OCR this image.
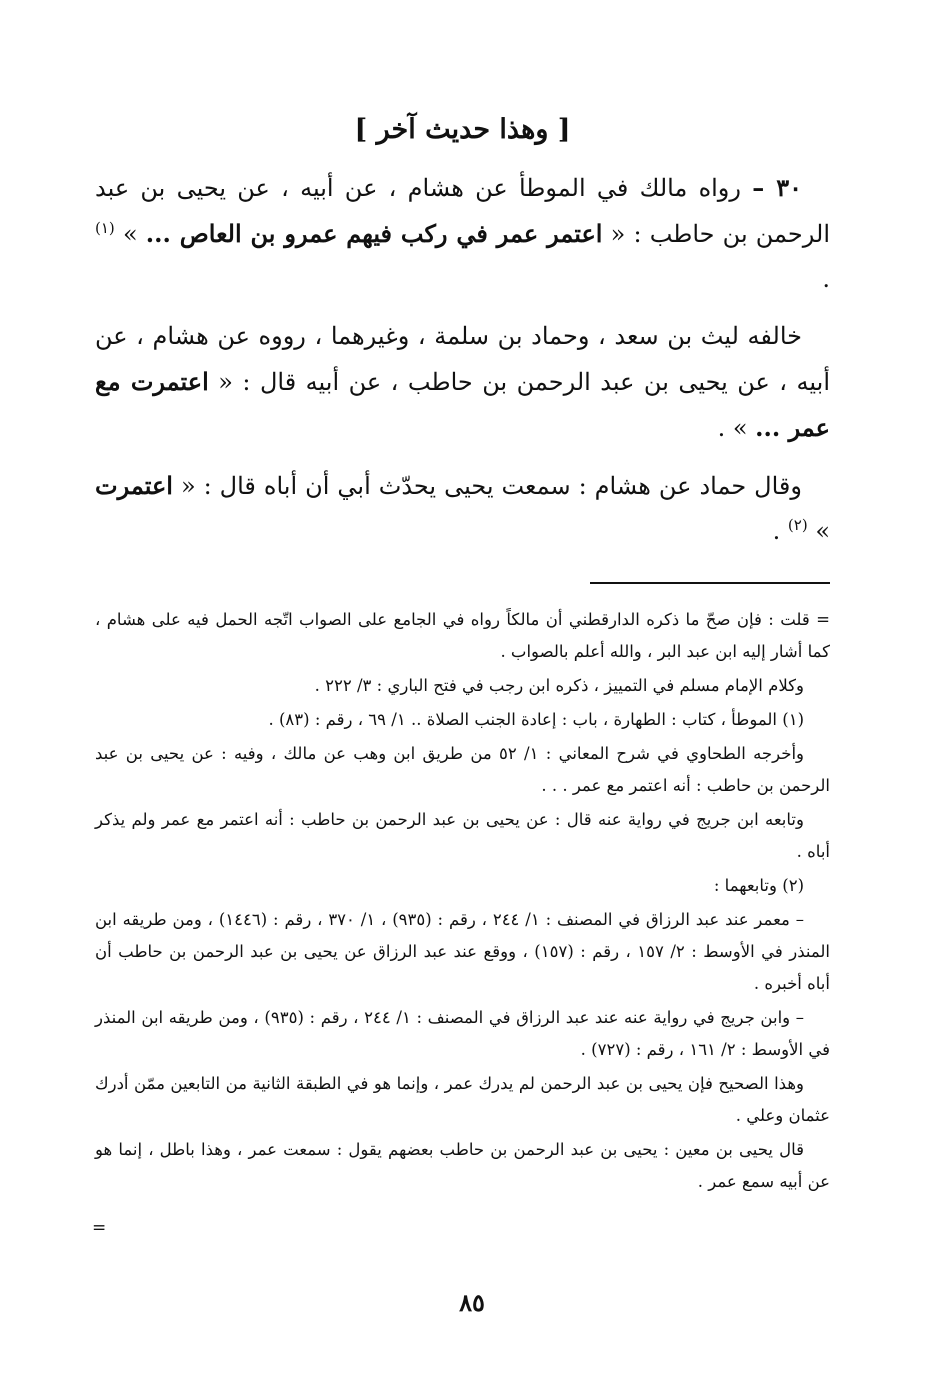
[ وهذا حديث آخر ]

٣٠ – رواه مالك في الموطأ عن هشام ، عن أبيه ، عن يحيى بن عبد الرحمن بن حاطب : « اعتمر عمر في ركب فيهم عمرو بن العاص ... » $^{(١)}$ .

خالفه ليث بن سعد ، وحماد بن سلمة ، وغيرهما ، رووه عن هشام ، عن أبيه ، عن يحيى بن عبد الرحمن بن حاطب ، عن أبيه قال : « اعتمرت مع عمر ... » .

وقال حماد عن هشام : سمعت يحيى يحدّث أبي أن أباه قال : « اعتمرت » $^{(٢)}$ .

= قلت : فإن صحّ ما ذكره الدارقطني أن مالكاً رواه في الجامع على الصواب اتّجه الحمل فيه على هشام ، كما أشار إليه ابن عبد البر ، والله أعلم بالصواب .

وكلام الإمام مسلم في التمييز ، ذكره ابن رجب في فتح الباري : ٣/ ٢٢٢ .

(١) الموطأ ، كتاب : الطهارة ، باب : إعادة الجنب الصلاة .. ١/ ٦٩ ، رقم : (٨٣) .

وأخرجه الطحاوي في شرح المعاني : ١/ ٥٢ من طريق ابن وهب عن مالك ، وفيه : عن يحيى بن عبد الرحمن بن حاطب : أنه اعتمر مع عمر . . .

وتابعه ابن جريج في رواية عنه قال : عن يحيى بن عبد الرحمن بن حاطب : أنه اعتمر مع عمر ولم يذكر أباه .

(٢) وتابعهما :

– معمر عند عبد الرزاق في المصنف : ١/ ٢٤٤ ، رقم : (٩٣٥) ، ١/ ٣٧٠ ، رقم : (١٤٤٦) ، ومن طريقه ابن المنذر في الأوسط : ٢/ ١٥٧ ، رقم : (١٥٧) ، ووقع عند عبد الرزاق عن يحيى بن عبد الرحمن بن حاطب أن أباه أخبره .

– وابن جريج في رواية عنه عند عبد الرزاق في المصنف : ١/ ٢٤٤ ، رقم : (٩٣٥) ، ومن طريقه ابن المنذر في الأوسط : ٢/ ١٦١ ، رقم : (٧٢٧) .

وهذا الصحيح فإن يحيى بن عبد الرحمن لم يدرك عمر ، وإنما هو في الطبقة الثانية من التابعين ممّن أدرك عثمان وعلي .

قال يحيى بن معين : يحيى بن عبد الرحمن بن حاطب بعضهم يقول : سمعت عمر ، وهذا باطل ، إنما هو عن أبيه سمع عمر .

=
٨٥
